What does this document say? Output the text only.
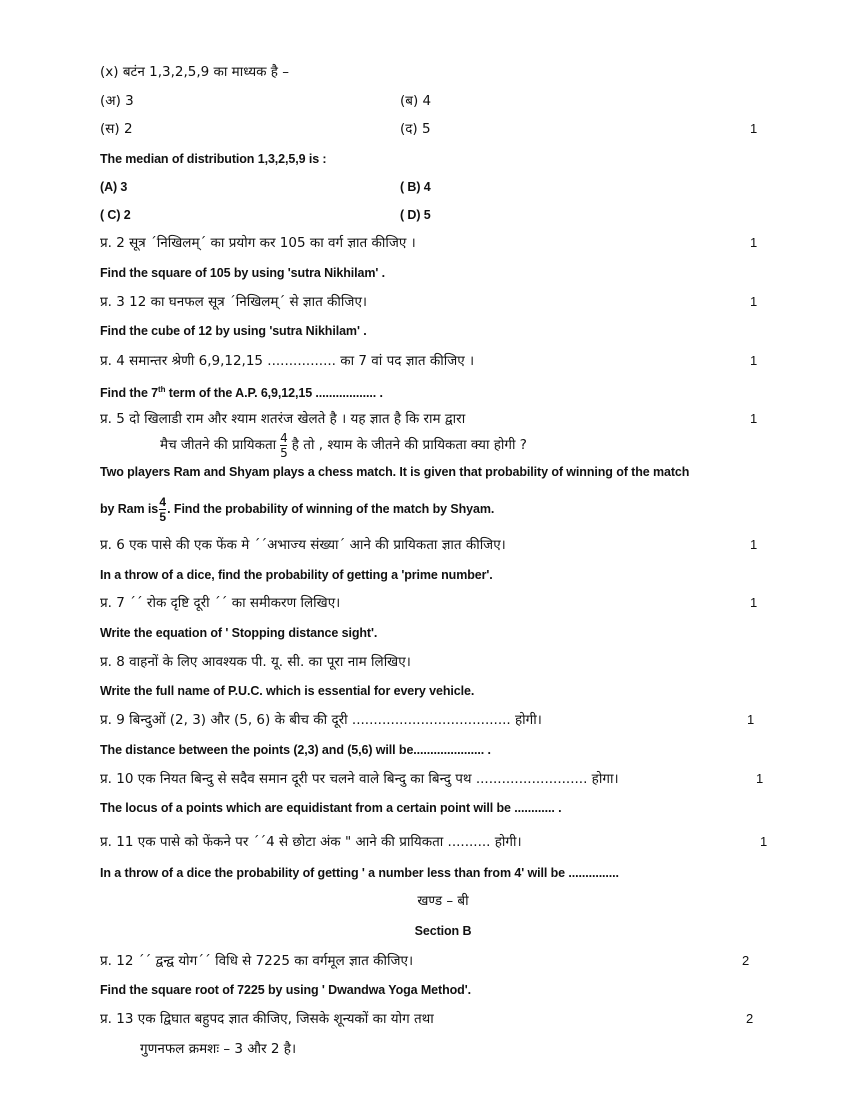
(x) बटंन 1,3,2,5,9 का माध्यक है –
(अ) 3	(ब) 4
(स) 2	(द) 5	1
The median of distribution 1,3,2,5,9 is :
(A) 3	( B) 4
( C) 2	( D) 5
प्र. 2 सूत्र ´निखिलम्´ का प्रयोग कर 105 का वर्ग ज्ञात कीजिए ।	1
Find the square of 105 by using 'sutra Nikhilam' .
प्र. 3 12 का घनफल सूत्र ´निखिलम्´ से ज्ञात कीजिए।	1
Find the cube of 12 by using 'sutra Nikhilam' .
प्र. 4 समान्तर श्रेणी 6,9,12,15 ................ का 7 वां पद ज्ञात कीजिए ।	1
Find the 7th term of the A.P. 6,9,12,15 .................. .
प्र. 5 दो खिलाडी राम और श्याम शतरंज खेलते है । यह ज्ञात है कि राम द्वारा	1
मैच जीतने की प्रायिकता $\frac{4}{5}$ है तो , श्याम के जीतने की प्रायिकता क्या होगी ?
Two players Ram and Shyam plays a chess match. It is given that probability of winning of the match
by Ram is $\frac{4}{5}$ . Find the probability of winning of the match by Shyam.
प्र. 6 एक पासे की एक फेंक मे ´´अभाज्य संख्या´ आने की प्रायिकता ज्ञात कीजिए।	1
In a throw of a dice, find the probability of getting a 'prime number'.
प्र. 7 ´´ रोक दृष्टि दूरी ´´ का समीकरण लिखिए।	1
Write the equation of ' Stopping distance sight'.
प्र. 8 वाहनों के लिए आवश्यक पी. यू. सी. का पूरा नाम लिखिए।
Write the full name of P.U.C. which is essential for every vehicle.
प्र. 9 बिन्दुओं (2, 3) और (5, 6) के बीच की दूरी ..................................... होगी।	1
The distance between the points (2,3) and (5,6) will be..................... .
प्र. 10 एक नियत बिन्दु से सदैव समान दूरी पर चलने वाले बिन्दु का बिन्दु पथ .......................... होगा।	1
The locus of a points which are equidistant from a certain point will be ............ .
प्र. 11 एक पासे को फेंकने पर ´´4 से छोटा अंक " आने की प्रायिकता .......... होगी।	1
In a throw of a dice the probability of getting ' a number less than from 4' will be ...............
खण्ड – बी
Section B
प्र. 12 ´´ द्वन्द्व योग´´ विधि से 7225 का वर्गमूल ज्ञात कीजिए।	2
Find the square root of 7225 by using ' Dwandwa Yoga Method'.
प्र. 13 एक द्विघात बहुपद ज्ञात कीजिए, जिसके शून्यकों का योग तथा	2
गुणनफल क्रमशः – 3 और 2 है।
